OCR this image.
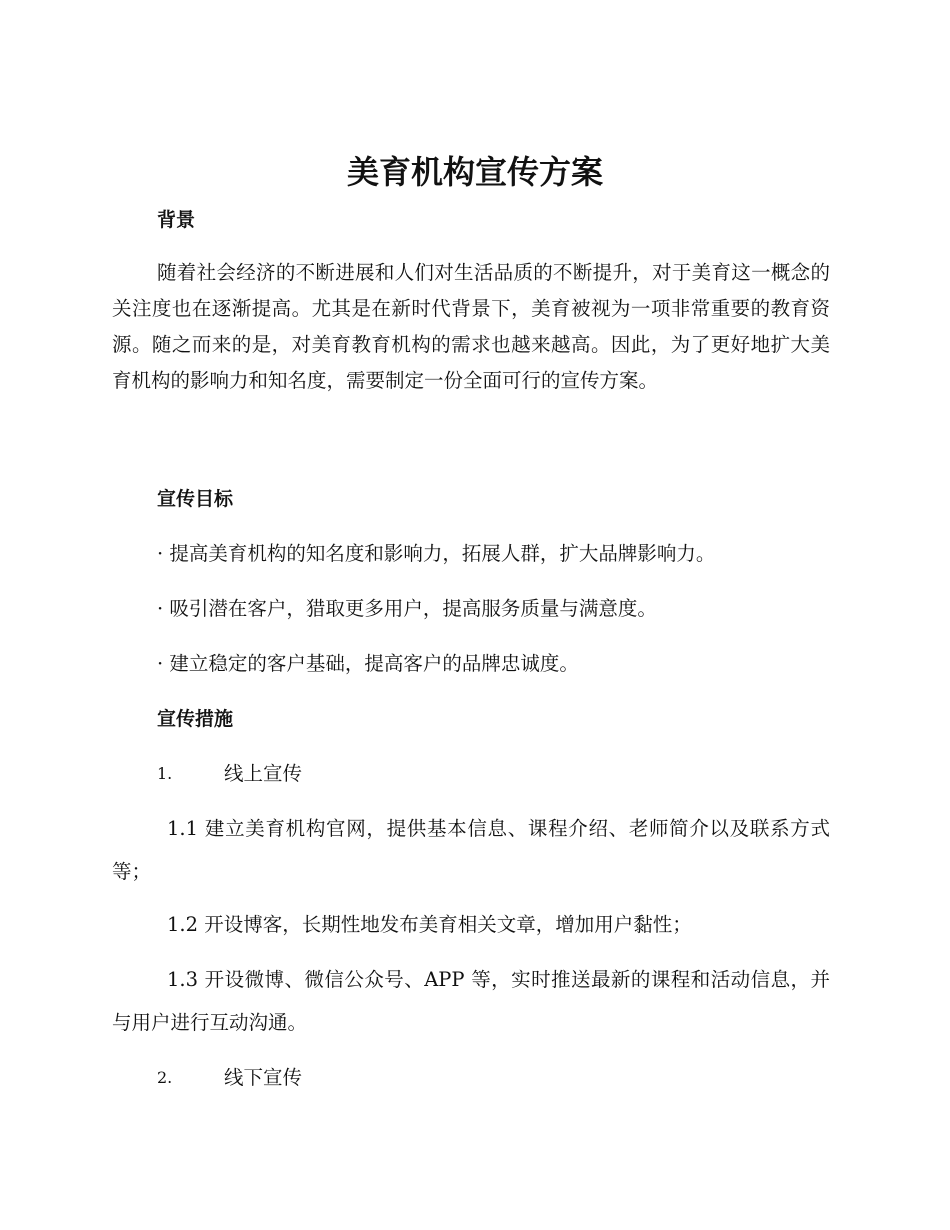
美育机构宣传方案
背景
随着社会经济的不断进展和人们对生活品质的不断提升，对于美育这一概念的关注度也在逐渐提高。尤其是在新时代背景下，美育被视为一项非常重要的教育资源。随之而来的是，对美育教育机构的需求也越来越高。因此，为了更好地扩大美育机构的影响力和知名度，需要制定一份全面可行的宣传方案。
宣传目标
· 提高美育机构的知名度和影响力，拓展人群，扩大品牌影响力。
· 吸引潜在客户，猎取更多用户，提高服务质量与满意度。
· 建立稳定的客户基础，提高客户的品牌忠诚度。
宣传措施
1.	线上宣传
1.1 建立美育机构官网，提供基本信息、课程介绍、老师简介以及联系方式等；
1.2 开设博客，长期性地发布美育相关文章，增加用户黏性；
1.3 开设微博、微信公众号、APP 等，实时推送最新的课程和活动信息，并与用户进行互动沟通。
2.	线下宣传
